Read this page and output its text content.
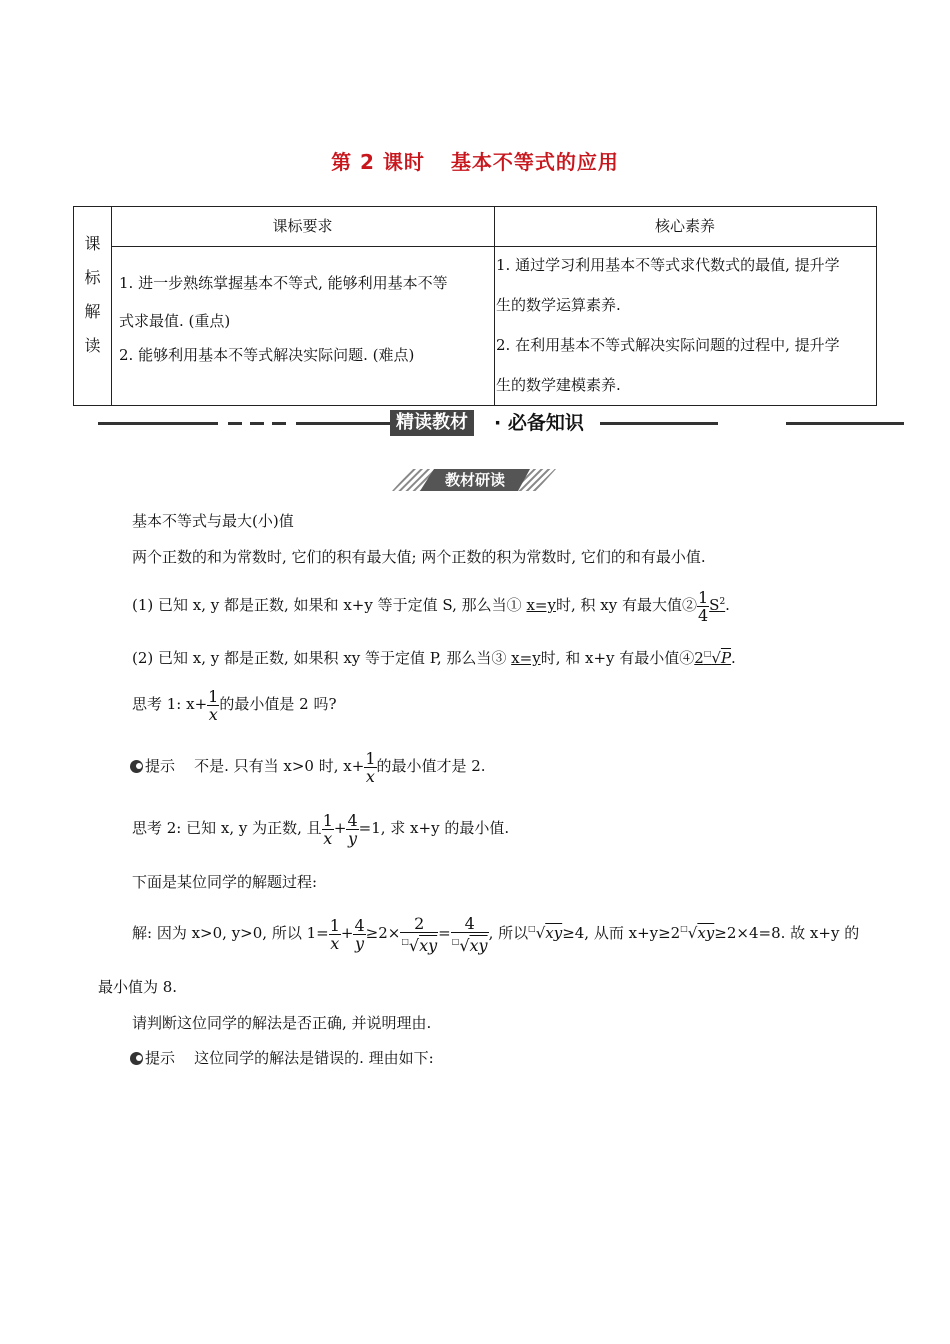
第 2 课时 基本不等式的应用
课
标
解
读
课标要求	核心素养
1. 进一步熟练掌握基本不等式, 能够利用基本不等
式求最值. (重点)
2. 能够利用基本不等式解决实际问题. (难点)
1. 通过学习利用基本不等式求代数式的最值, 提升学
生的数学运算素养.
2. 在利用基本不等式解决实际问题的过程中, 提升学
生的数学建模素养.
精读教材	· 必备知识
教材研读
基本不等式与最大(小)值
两个正数的和为常数时, 它们的积有最大值; 两个正数的积为常数时, 它们的和有最小值.
(1) 已知 x, y 都是正数, 如果和 x+y 等于定值 S, 那么当① x=y时, 积 xy 有最大值② $\frac{1}{4} S^2$.
(2) 已知 x, y 都是正数, 如果积 xy 等于定值 P, 那么当③ x=y时, 和 x+y 有最小值④2□√P.
思考 1: $x+ \frac{1}{x}$ 的最小值是 2 吗?
提示 不是. 只有当 x>0 时, $x+ \frac{1}{x}$ 的最小值才是 2.
思考 2: 已知 x, y 为正数, 且 $\frac{1}{x} + \frac{4}{y} =1$, 求 x+y 的最小值.
下面是某位同学的解题过程:
解: 因为 x>0, y>0, 所以 $1= \frac{1}{x} + \frac{4}{y} \ge 2\times \frac{2}{^□√xy} = \frac{4}{^□√xy}$ , 所以□√xy≥4, 从而 x+y≥2□√xy≥2×4=8. 故 x+y 的
最小值为 8.
请判断这位同学的解法是否正确, 并说明理由.
提示 这位同学的解法是错误的. 理由如下:
